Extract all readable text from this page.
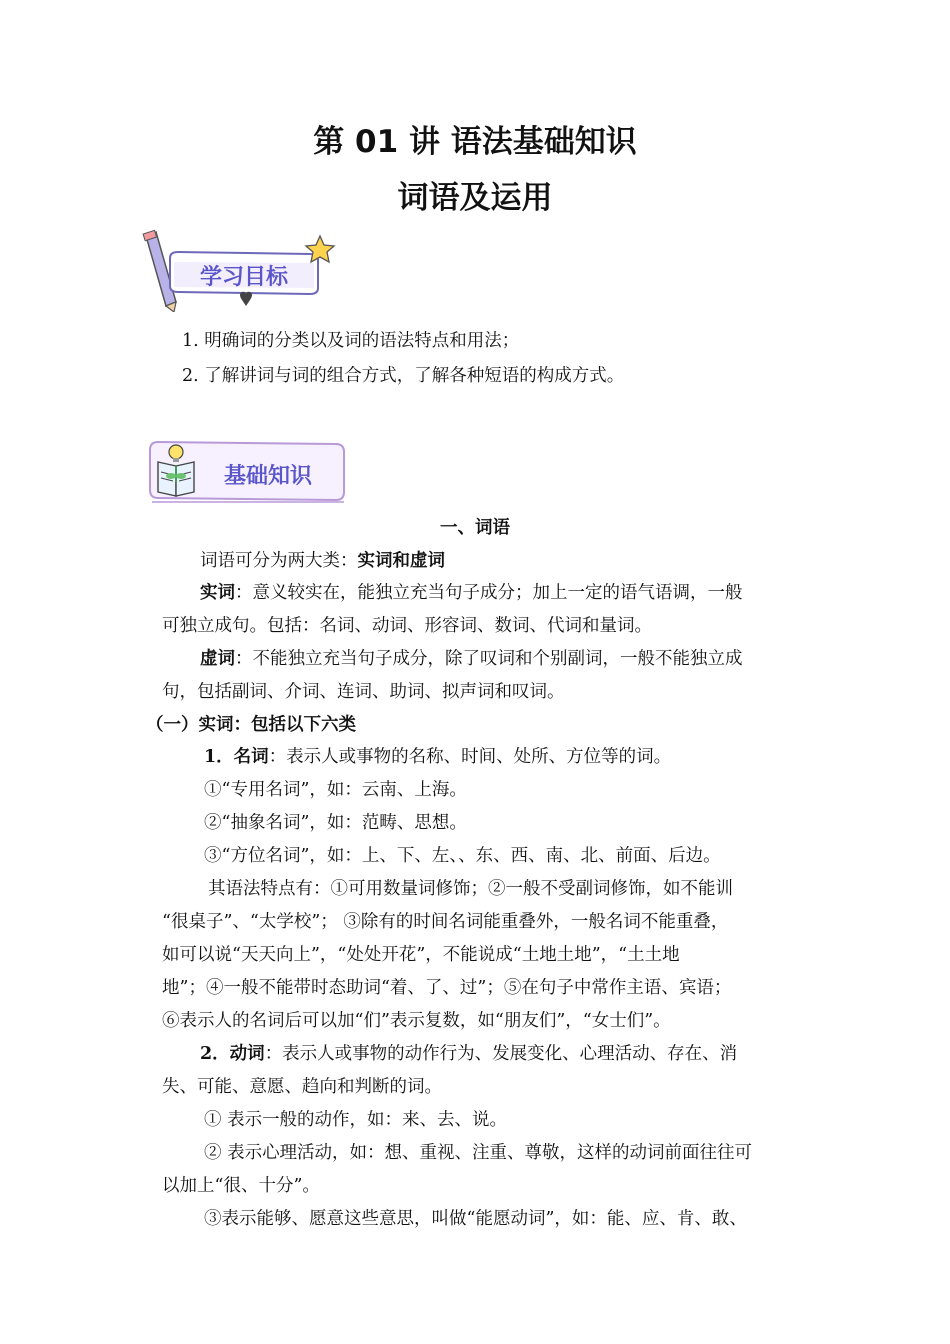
第 01 讲 语法基础知识
词语及运用
学习目标
1. 明确词的分类以及词的语法特点和用法；
2. 了解讲词与词的组合方式，了解各种短语的构成方式。
基础知识
一、词语
词语可分为两大类：实词和虚词
实词：意义较实在，能独立充当句子成分；加上一定的语气语调，一般
可独立成句。包括：名词、动词、形容词、数词、代词和量词。
虚词：不能独立充当句子成分，除了叹词和个别副词，一般不能独立成
句，包括副词、介词、连词、助词、拟声词和叹词。
（一）实词：包括以下六类
1．名词：表示人或事物的名称、时间、处所、方位等的词。
①“专用名词”，如：云南、上海。
②“抽象名词”，如：范畴、思想。
③“方位名词”，如：上、下、左、、东、西、南、北、前面、后边。
其语法特点有：①可用数量词修饰；②一般不受副词修饰，如不能训
“很桌子”、“太学校”； ③除有的时间名词能重叠外，一般名词不能重叠，
如可以说“天天向上”，“处处开花”，不能说成“土地土地”，“土土地
地”；④一般不能带时态助词“着、了、过”；⑤在句子中常作主语、宾语；
⑥表示人的名词后可以加“们”表示复数，如“朋友们”，“女士们”。
2．动词：表示人或事物的动作行为、发展变化、心理活动、存在、消
失、可能、意愿、趋向和判断的词。
① 表示一般的动作，如：来、去、说。
② 表示心理活动，如：想、重视、注重、尊敬，这样的动词前面往往可
以加上“很、十分”。
③表示能够、愿意这些意思，叫做“能愿动词”，如：能、应、肯、敢、
